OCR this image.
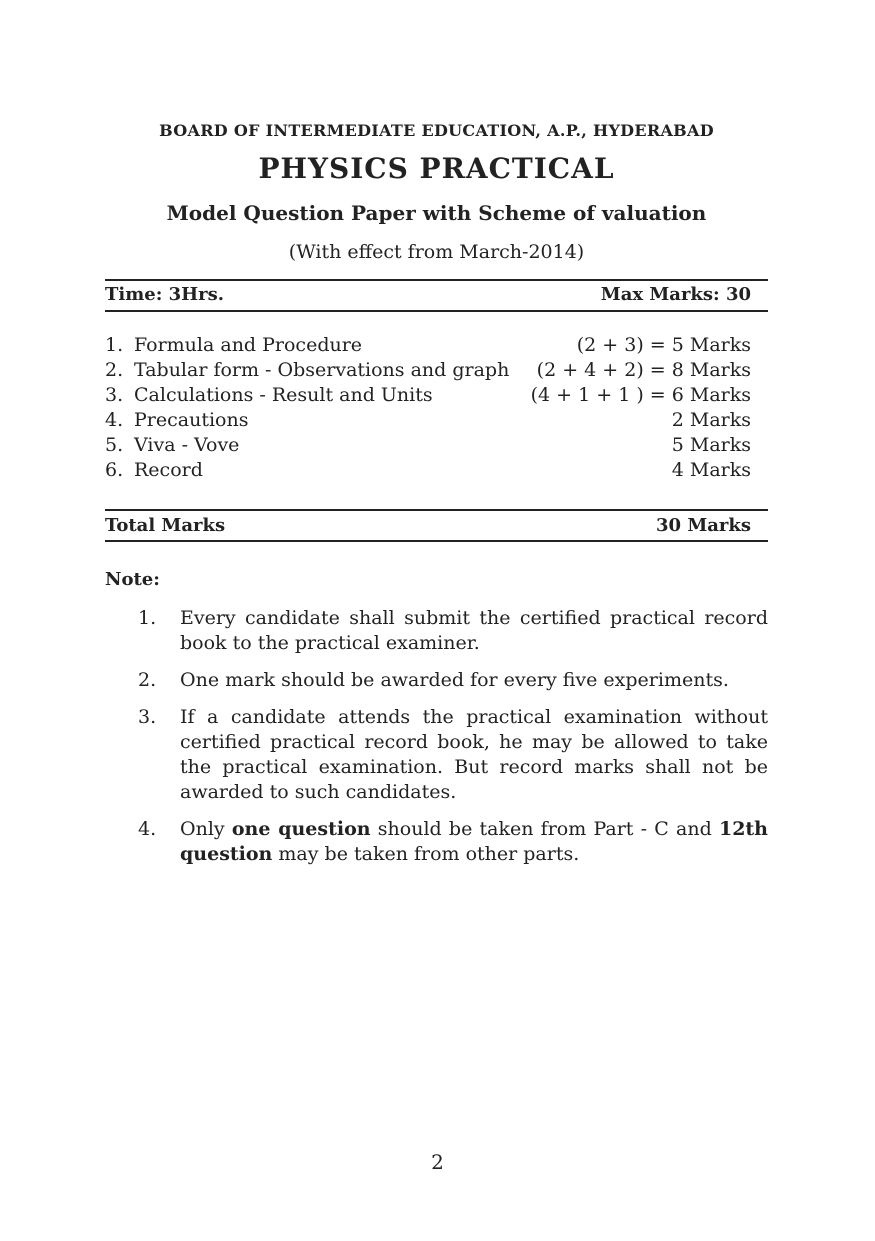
BOARD OF INTERMEDIATE EDUCATION, A.P., HYDERABAD
PHYSICS PRACTICAL
Model Question Paper with Scheme of valuation
(With effect from March-2014)
Time: 3Hrs.	Max Marks: 30
1. Formula and Procedure	(2 + 3) = 5 Marks
2. Tabular form - Observations and graph (2 + 4 + 2) = 8 Marks
3. Calculations - Result and Units	(4 + 1 + 1 ) = 6 Marks
4. Precautions	2 Marks
5. Viva - Vove	5 Marks
6. Record	4 Marks
Total Marks	30 Marks
Note:
1.	Every candidate shall submit the certified practical record book to the practical examiner.
2.	One mark should be awarded for every five experiments.
3.	If a candidate attends the practical examination without certified practical record book, he may be allowed to take the practical examination. But record marks shall not be awarded to such candidates.
4.	Only one question should be taken from Part - C and 12th question may be taken from other parts.
2
